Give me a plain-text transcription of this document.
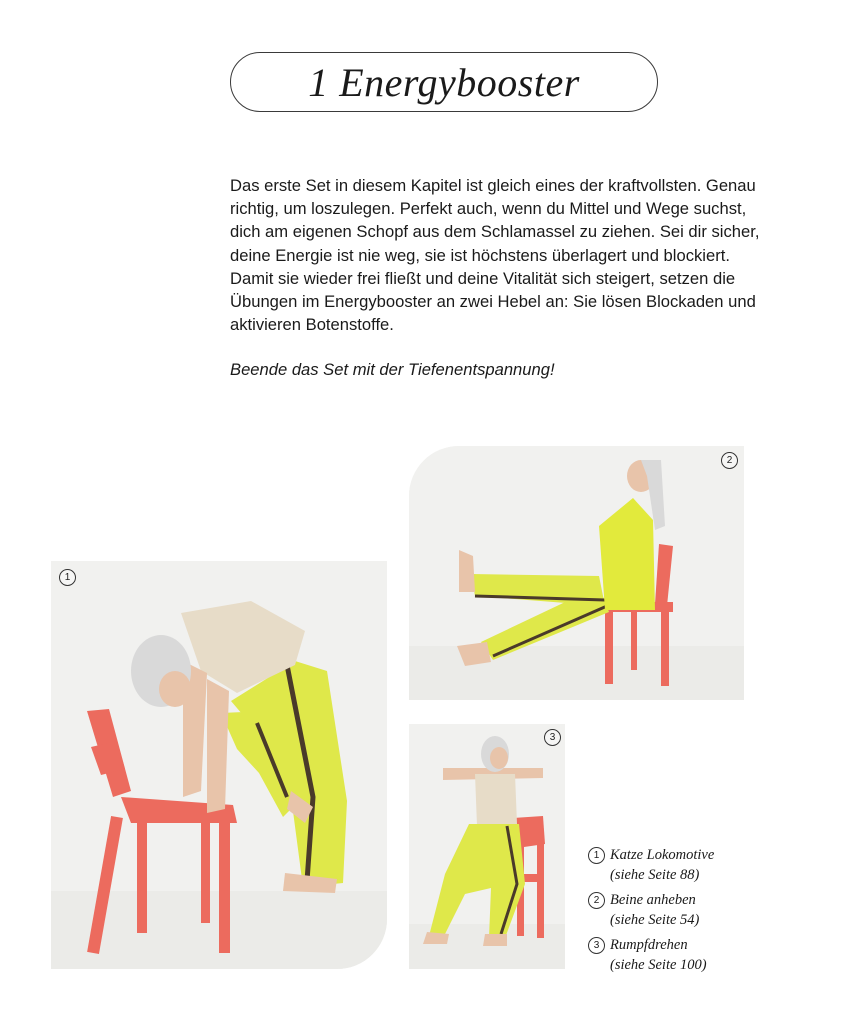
1 Energybooster

Das erste Set in diesem Kapitel ist gleich eines der kraftvollsten. Genau richtig, um loszulegen. Perfekt auch, wenn du Mittel und Wege suchst, dich am eigenen Schopf aus dem Schlamassel zu ziehen. Sei dir sicher, deine Energie ist nie weg, sie ist höchstens überlagert und blockiert. Damit sie wieder frei fließt und deine Vitalität sich steigert, setzen die Übungen im Energybooster an zwei Hebel an: Sie lösen Blockaden und aktivieren Botenstoffe.

Beende das Set mit der Tiefenentspannung!

1
2
3
1 Katze Lokomotive
(siehe Seite 88)
2 Beine anheben
(siehe Seite 54)
3 Rumpfdrehen
(siehe Seite 100)
